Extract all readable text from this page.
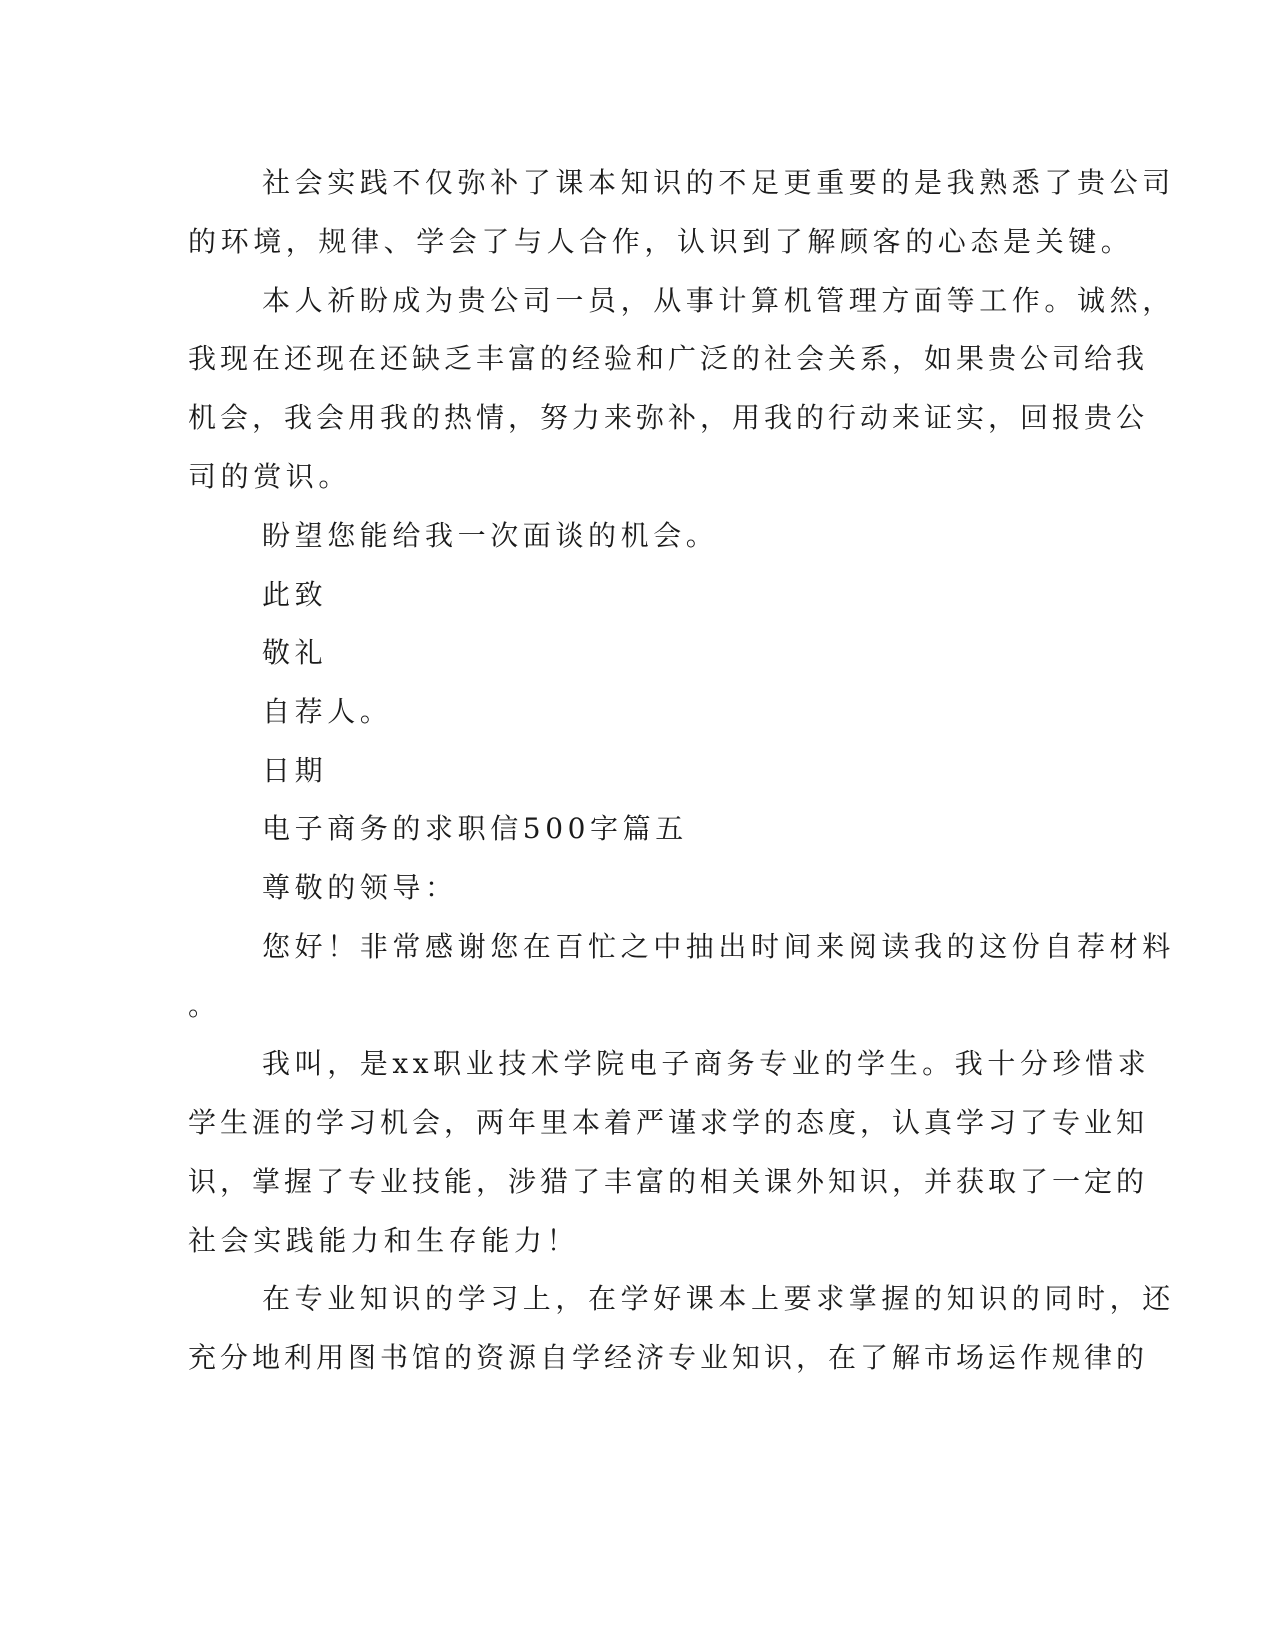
社会实践不仅弥补了课本知识的不足更重要的是我熟悉了贵公司
的环境，规律、学会了与人合作，认识到了解顾客的心态是关键。
本人祈盼成为贵公司一员，从事计算机管理方面等工作。诚然，
我现在还现在还缺乏丰富的经验和广泛的社会关系，如果贵公司给我
机会，我会用我的热情，努力来弥补，用我的行动来证实，回报贵公
司的赏识。
盼望您能给我一次面谈的机会。
此致
敬礼
自荐人。
日期
电子商务的求职信500字篇五
尊敬的领导：
您好！非常感谢您在百忙之中抽出时间来阅读我的这份自荐材料
。
我叫，是xx职业技术学院电子商务专业的学生。我十分珍惜求
学生涯的学习机会，两年里本着严谨求学的态度，认真学习了专业知
识，掌握了专业技能，涉猎了丰富的相关课外知识，并获取了一定的
社会实践能力和生存能力！
在专业知识的学习上，在学好课本上要求掌握的知识的同时，还
充分地利用图书馆的资源自学经济专业知识，在了解市场运作规律的
